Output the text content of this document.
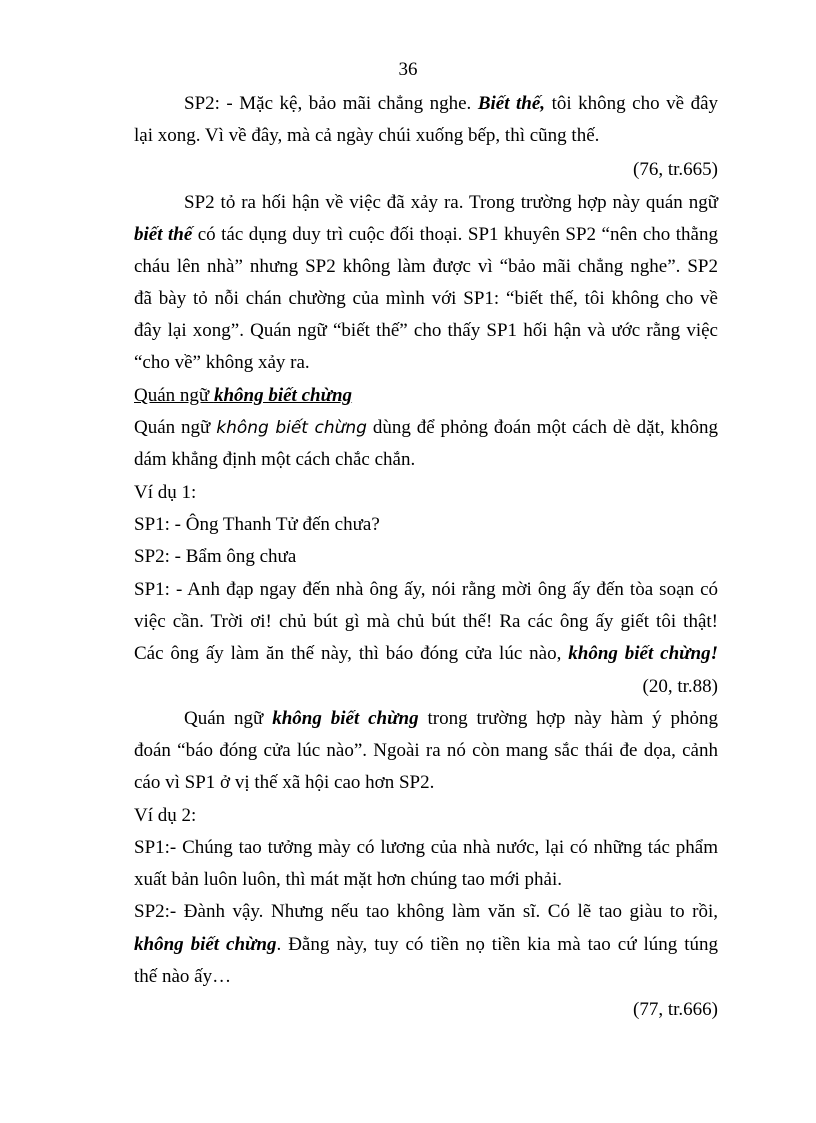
36
SP2: - Mặc kệ, bảo mãi chẳng nghe. Biết thế, tôi không cho về đây
lại xong. Vì về đây, mà cả ngày chúi xuống bếp, thì cũng thế.
(76, tr.665)
SP2 tỏ ra hối hận về việc đã xảy ra. Trong trường hợp này quán ngữ
biết thế có tác dụng duy trì cuộc đối thoại. SP1 khuyên SP2 “nên cho thằng
cháu lên nhà” nhưng SP2 không làm được vì “bảo mãi chẳng nghe”. SP2
đã bày tỏ nỗi chán chường của mình với SP1: “biết thế, tôi không cho về
đây lại xong”. Quán ngữ “biết thế” cho thấy SP1 hối hận và ước rằng việc
“cho về” không xảy ra.
Quán ngữ không biết chừng
Quán ngữ không biết chừng dùng để phỏng đoán một cách dè dặt, không
dám khẳng định một cách chắc chắn.
Ví dụ 1:
SP1: - Ông Thanh Tử đến chưa?
SP2: - Bẩm ông chưa
SP1: - Anh đạp ngay đến nhà ông ấy, nói rằng mời ông ấy đến tòa soạn có
việc cần. Trời ơi! chủ bút gì mà chủ bút thế! Ra các ông ấy giết tôi thật!
Các ông ấy làm ăn thế này, thì báo đóng cửa lúc nào, không biết chừng!
(20, tr.88)
Quán ngữ không biết chừng trong trường hợp này hàm ý phỏng
đoán “báo đóng cửa lúc nào”. Ngoài ra nó còn mang sắc thái đe dọa, cảnh
cáo vì SP1 ở vị thế xã hội cao hơn SP2.
Ví dụ 2:
SP1:- Chúng tao tưởng mày có lương của nhà nước, lại có những tác phẩm
xuất bản luôn luôn, thì mát mặt hơn chúng tao mới phải.
SP2:- Đành vậy. Nhưng nếu tao không làm văn sĩ. Có lẽ tao giàu to rồi,
không biết chừng. Đằng này, tuy có tiền nọ tiền kia mà tao cứ lúng túng
thế nào ấy…
(77, tr.666)
